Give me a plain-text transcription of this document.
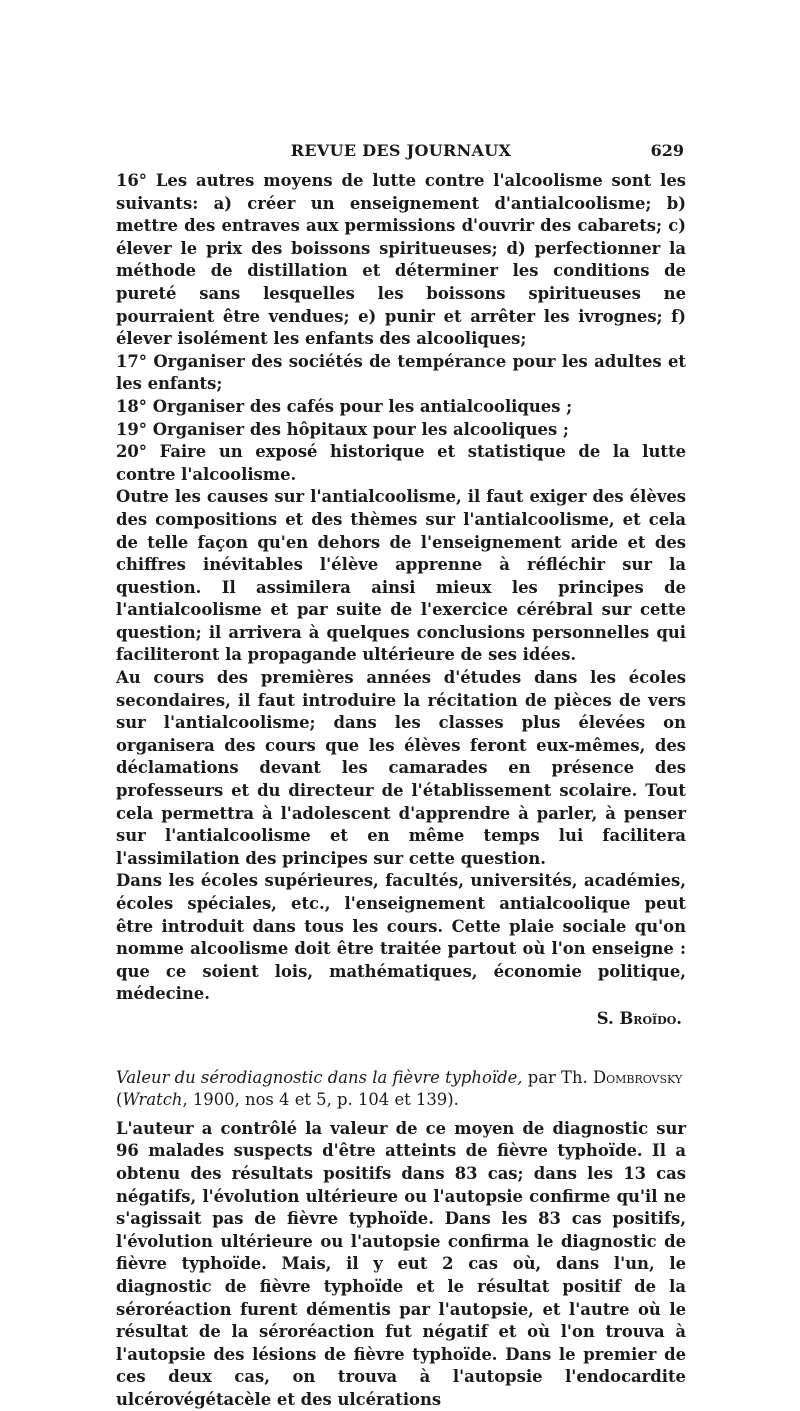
REVUE DES JOURNAUX	629

16° Les autres moyens de lutte contre l'alcoolisme sont les suivants: a) créer un enseignement d'antialcoolisme; b) mettre des entraves aux permissions d'ouvrir des cabarets; c) élever le prix des boissons spiritueuses; d) perfectionner la méthode de distillation et déterminer les conditions de pureté sans lesquelles les boissons spiritueuses ne pourraient être vendues; e) punir et arrêter les ivrognes; f) élever isolément les enfants des alcooliques;

17° Organiser des sociétés de tempérance pour les adultes et les enfants;

18° Organiser des cafés pour les antialcooliques ;

19° Organiser des hôpitaux pour les alcooliques ;

20° Faire un exposé historique et statistique de la lutte contre l'alcoolisme.

Outre les causes sur l'antialcoolisme, il faut exiger des élèves des compositions et des thèmes sur l'antialcoolisme, et cela de telle façon qu'en dehors de l'enseignement aride et des chiffres inévitables l'élève apprenne à réfléchir sur la question. Il assimilera ainsi mieux les principes de l'antialcoolisme et par suite de l'exercice cérébral sur cette question; il arrivera à quelques conclusions personnelles qui faciliteront la propagande ultérieure de ses idées.

Au cours des premières années d'études dans les écoles secondaires, il faut introduire la récitation de pièces de vers sur l'antialcoolisme; dans les classes plus élevées on organisera des cours que les élèves feront eux-mêmes, des déclamations devant les camarades en présence des professeurs et du directeur de l'établissement scolaire. Tout cela permettra à l'adolescent d'apprendre à parler, à penser sur l'antialcoolisme et en même temps lui facilitera l'assimilation des principes sur cette question.

Dans les écoles supérieures, facultés, universités, académies, écoles spéciales, etc., l'enseignement antialcoolique peut être introduit dans tous les cours. Cette plaie sociale qu'on nomme alcoolisme doit être traitée partout où l'on enseigne : que ce soient lois, mathématiques, économie politique, médecine.

S. Broïdo.

Valeur du sérodiagnostic dans la fièvre typhoïde, par Th. Dombrovsky
(Wratch, 1900, nos 4 et 5, p. 104 et 139).

L'auteur a contrôlé la valeur de ce moyen de diagnostic sur 96 malades suspects d'être atteints de fièvre typhoïde. Il a obtenu des résultats positifs dans 83 cas; dans les 13 cas négatifs, l'évolution ultérieure ou l'autopsie confirme qu'il ne s'agissait pas de fièvre typhoïde. Dans les 83 cas positifs, l'évolution ultérieure ou l'autopsie confirma le diagnostic de fièvre typhoïde. Mais, il y eut 2 cas où, dans l'un, le diagnostic de fièvre typhoïde et le résultat positif de la séroréaction furent démentis par l'autopsie, et l'autre où le résultat de la séroréaction fut négatif et où l'on trouva à l'autopsie des lésions de fièvre typhoïde. Dans le premier de ces deux cas, on trouva à l'autopsie l'endocardite ulcérovégétacèle et des ulcérations
